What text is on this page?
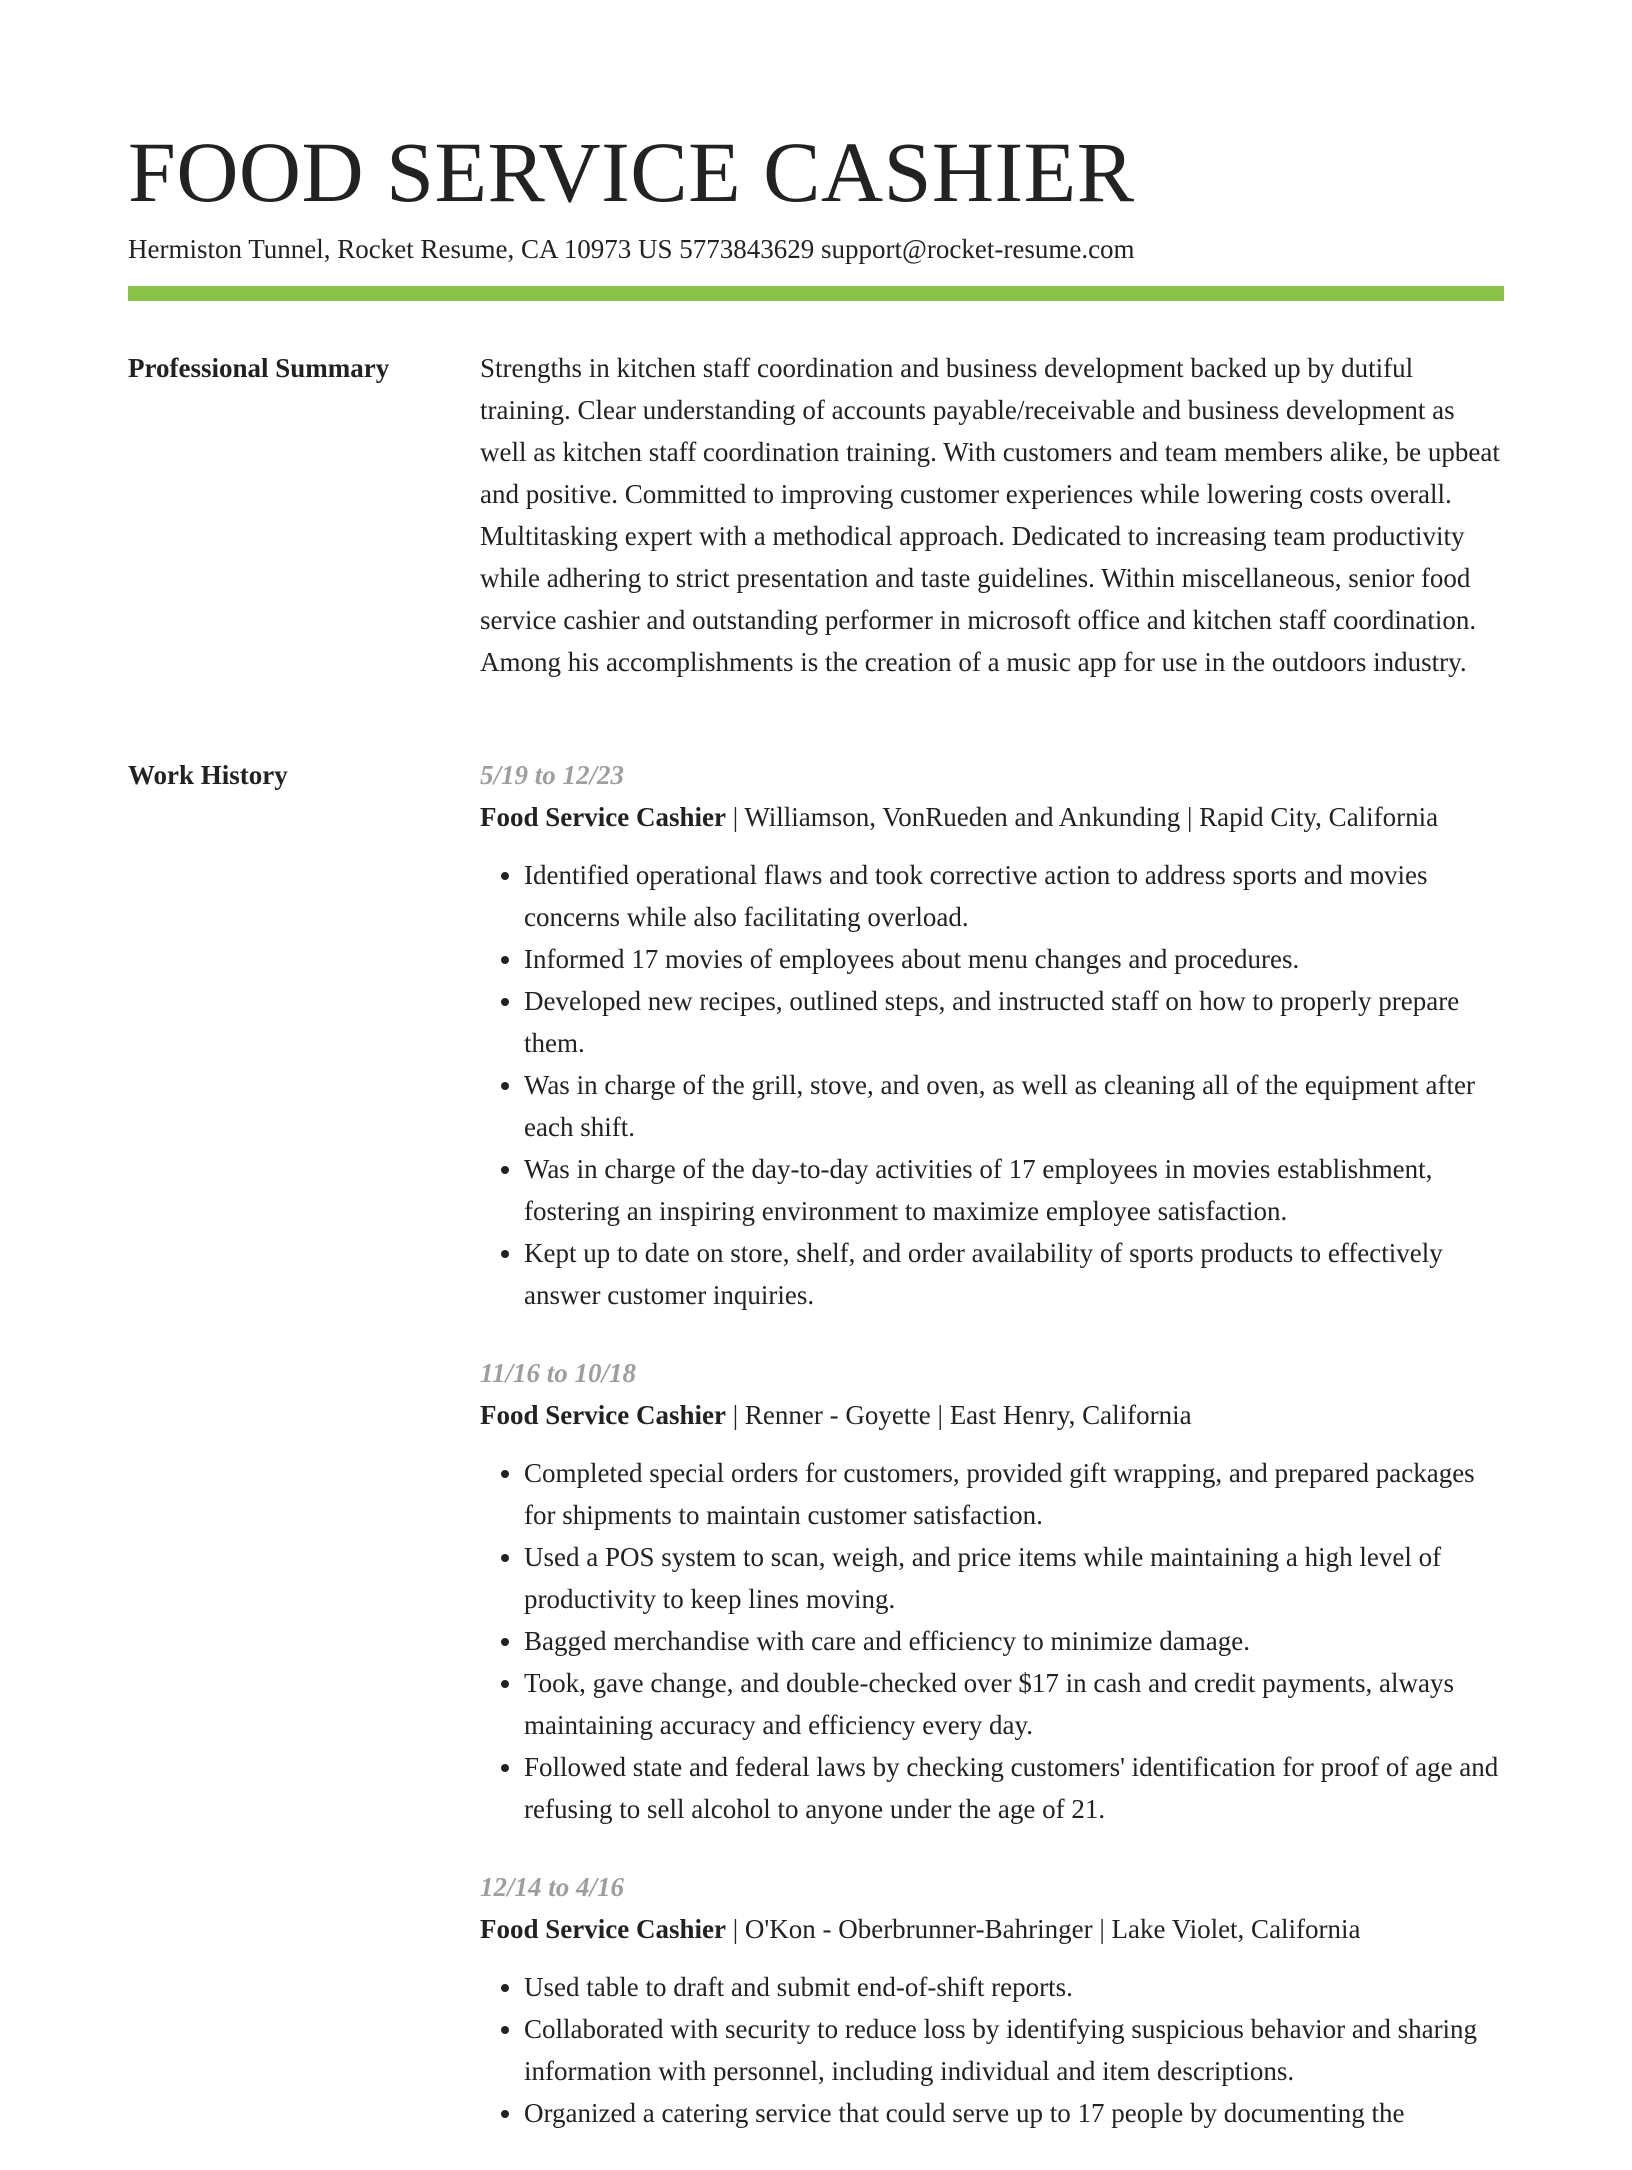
FOOD SERVICE CASHIER
Hermiston Tunnel, Rocket Resume, CA 10973 US 5773843629 support@rocket-resume.com
Professional Summary	Strengths in kitchen staff coordination and business development backed up by dutiful training. Clear understanding of accounts payable/receivable and business development as well as kitchen staff coordination training. With customers and team members alike, be upbeat and positive. Committed to improving customer experiences while lowering costs overall. Multitasking expert with a methodical approach. Dedicated to increasing team productivity while adhering to strict presentation and taste guidelines. Within miscellaneous, senior food service cashier and outstanding performer in microsoft office and kitchen staff coordination. Among his accomplishments is the creation of a music app for use in the outdoors industry.

Work History	5/19 to 12/23

Food Service Cashier | Williamson, VonRueden and Ankunding | Rapid City, California

• Identified operational flaws and took corrective action to address sports and movies concerns while also facilitating overload.
• Informed 17 movies of employees about menu changes and procedures.
• Developed new recipes, outlined steps, and instructed staff on how to properly prepare them.
• Was in charge of the grill, stove, and oven, as well as cleaning all of the equipment after each shift.
• Was in charge of the day-to-day activities of 17 employees in movies establishment, fostering an inspiring environment to maximize employee satisfaction.
• Kept up to date on store, shelf, and order availability of sports products to effectively answer customer inquiries.

11/16 to 10/18

Food Service Cashier | Renner - Goyette | East Henry, California

• Completed special orders for customers, provided gift wrapping, and prepared packages for shipments to maintain customer satisfaction.
• Used a POS system to scan, weigh, and price items while maintaining a high level of productivity to keep lines moving.
• Bagged merchandise with care and efficiency to minimize damage.
• Took, gave change, and double-checked over $17 in cash and credit payments, always maintaining accuracy and efficiency every day.
• Followed state and federal laws by checking customers' identification for proof of age and refusing to sell alcohol to anyone under the age of 21.

12/14 to 4/16

Food Service Cashier | O'Kon - Oberbrunner-Bahringer | Lake Violet, California

• Used table to draft and submit end-of-shift reports.
• Collaborated with security to reduce loss by identifying suspicious behavior and sharing information with personnel, including individual and item descriptions.
• Organized a catering service that could serve up to 17 people by documenting the
